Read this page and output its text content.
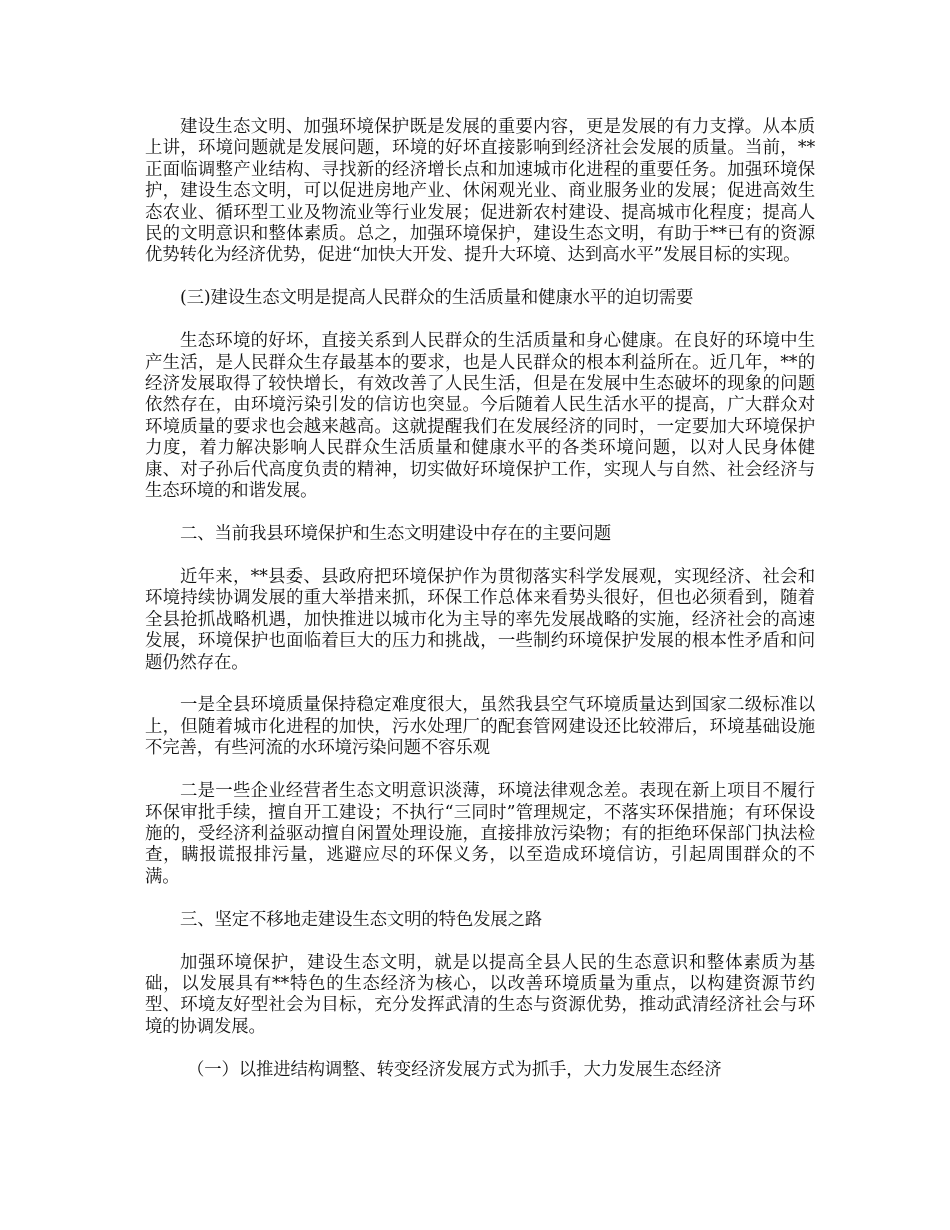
建设生态文明、加强环境保护既是发展的重要内容，更是发展的有力支撑。从本质上讲，环境问题就是发展问题，环境的好坏直接影响到经济社会发展的质量。当前，**正面临调整产业结构、寻找新的经济增长点和加速城市化进程的重要任务。加强环境保护，建设生态文明，可以促进房地产业、休闲观光业、商业服务业的发展；促进高效生态农业、循环型工业及物流业等行业发展；促进新农村建设、提高城市化程度；提高人民的文明意识和整体素质。总之，加强环境保护，建设生态文明，有助于**已有的资源优势转化为经济优势，促进“加快大开发、提升大环境、达到高水平”发展目标的实现。

(三)建设生态文明是提高人民群众的生活质量和健康水平的迫切需要

生态环境的好坏，直接关系到人民群众的生活质量和身心健康。在良好的环境中生产生活，是人民群众生存最基本的要求，也是人民群众的根本利益所在。近几年，**的经济发展取得了较快增长，有效改善了人民生活，但是在发展中生态破坏的现象的问题依然存在，由环境污染引发的信访也突显。今后随着人民生活水平的提高，广大群众对环境质量的要求也会越来越高。这就提醒我们在发展经济的同时，一定要加大环境保护力度，着力解决影响人民群众生活质量和健康水平的各类环境问题，以对人民身体健康、对子孙后代高度负责的精神，切实做好环境保护工作，实现人与自然、社会经济与生态环境的和谐发展。

二、当前我县环境保护和生态文明建设中存在的主要问题

近年来，**县委、县政府把环境保护作为贯彻落实科学发展观，实现经济、社会和环境持续协调发展的重大举措来抓，环保工作总体来看势头很好，但也必须看到，随着全县抢抓战略机遇，加快推进以城市化为主导的率先发展战略的实施，经济社会的高速发展，环境保护也面临着巨大的压力和挑战，一些制约环境保护发展的根本性矛盾和问题仍然存在。

一是全县环境质量保持稳定难度很大，虽然我县空气环境质量达到国家二级标准以上，但随着城市化进程的加快，污水处理厂的配套管网建设还比较滞后，环境基础设施不完善，有些河流的水环境污染问题不容乐观

二是一些企业经营者生态文明意识淡薄，环境法律观念差。表现在新上项目不履行环保审批手续，擅自开工建设；不执行“三同时”管理规定，不落实环保措施；有环保设施的，受经济利益驱动擅自闲置处理设施，直接排放污染物；有的拒绝环保部门执法检查，瞒报谎报排污量，逃避应尽的环保义务，以至造成环境信访，引起周围群众的不满。

三、坚定不移地走建设生态文明的特色发展之路

加强环境保护，建设生态文明，就是以提高全县人民的生态意识和整体素质为基础，以发展具有**特色的生态经济为核心，以改善环境质量为重点，以构建资源节约型、环境友好型社会为目标，充分发挥武清的生态与资源优势，推动武清经济社会与环境的协调发展。

（一）以推进结构调整、转变经济发展方式为抓手，大力发展生态经济
